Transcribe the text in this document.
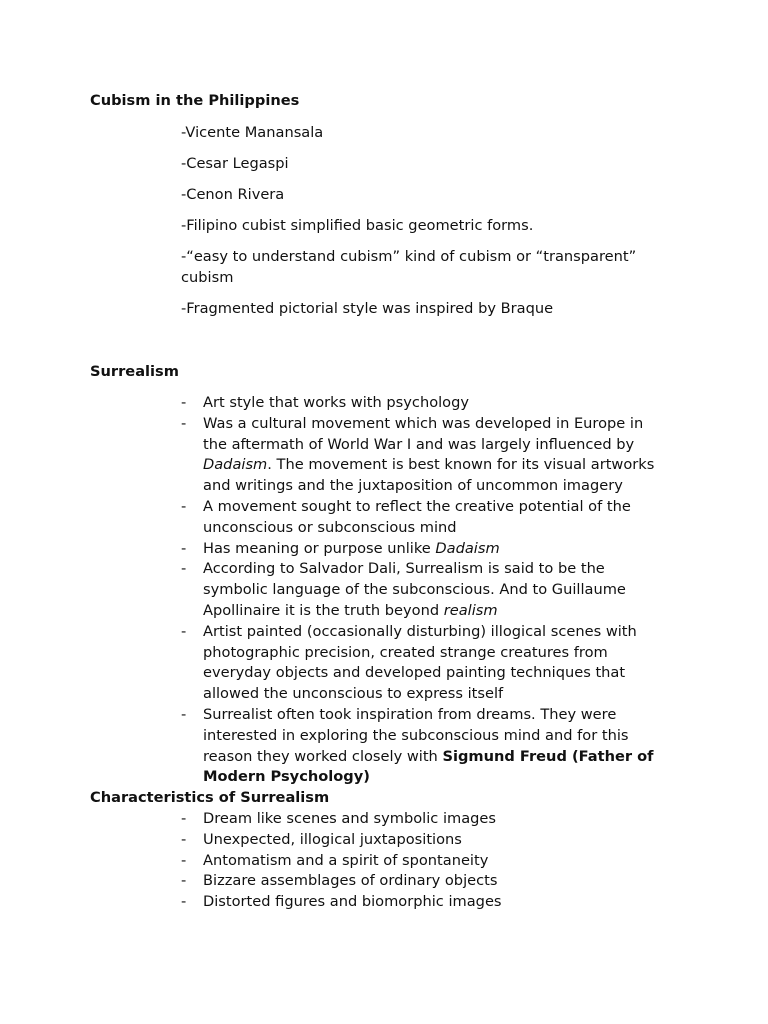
Cubism in the Philippines
-Vicente Manansala
-Cesar Legaspi
-Cenon Rivera
-Filipino cubist simplified basic geometric forms.
-“easy to understand cubism” kind of cubism or “transparent” cubism
-Fragmented pictorial style was inspired by Braque
Surrealism
- Art style that works with psychology
- Was a cultural movement which was developed in Europe in the aftermath of World War I and was largely influenced by Dadaism. The movement is best known for its visual artworks and writings and the juxtaposition of uncommon imagery
- A movement sought to reflect the creative potential of the unconscious or subconscious mind
- Has meaning or purpose unlike Dadaism
- According to Salvador Dali, Surrealism is said to be the symbolic language of the subconscious. And to Guillaume Apollinaire it is the truth beyond realism
- Artist painted (occasionally disturbing) illogical scenes with photographic precision, created strange creatures from everyday objects and developed painting techniques that allowed the unconscious to express itself
- Surrealist often took inspiration from dreams. They were interested in exploring the subconscious mind and for this reason they worked closely with Sigmund Freud (Father of Modern Psychology)
Characteristics of Surrealism
- Dream like scenes and symbolic images
- Unexpected, illogical juxtapositions
- Antomatism and a spirit of spontaneity
- Bizzare assemblages of ordinary objects
- Distorted figures and biomorphic images
